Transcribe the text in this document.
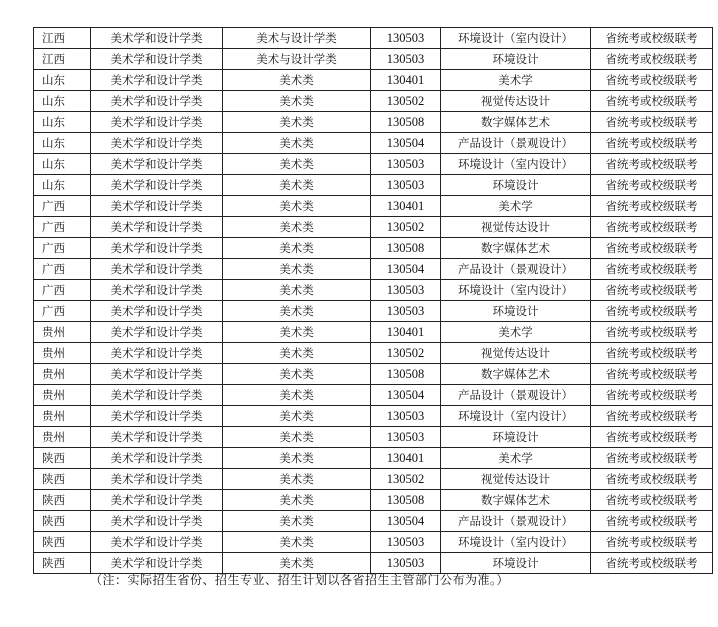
江西	美术学和设计学类	美术与设计学类	130503	环境设计（室内设计）	省统考或校级联考
江西	美术学和设计学类	美术与设计学类	130503	环境设计	省统考或校级联考
山东	美术学和设计学类	美术类	130401	美术学	省统考或校级联考
山东	美术学和设计学类	美术类	130502	视觉传达设计	省统考或校级联考
山东	美术学和设计学类	美术类	130508	数字媒体艺术	省统考或校级联考
山东	美术学和设计学类	美术类	130504	产品设计（景观设计）	省统考或校级联考
山东	美术学和设计学类	美术类	130503	环境设计（室内设计）	省统考或校级联考
山东	美术学和设计学类	美术类	130503	环境设计	省统考或校级联考
广西	美术学和设计学类	美术类	130401	美术学	省统考或校级联考
广西	美术学和设计学类	美术类	130502	视觉传达设计	省统考或校级联考
广西	美术学和设计学类	美术类	130508	数字媒体艺术	省统考或校级联考
广西	美术学和设计学类	美术类	130504	产品设计（景观设计）	省统考或校级联考
广西	美术学和设计学类	美术类	130503	环境设计（室内设计）	省统考或校级联考
广西	美术学和设计学类	美术类	130503	环境设计	省统考或校级联考
贵州	美术学和设计学类	美术类	130401	美术学	省统考或校级联考
贵州	美术学和设计学类	美术类	130502	视觉传达设计	省统考或校级联考
贵州	美术学和设计学类	美术类	130508	数字媒体艺术	省统考或校级联考
贵州	美术学和设计学类	美术类	130504	产品设计（景观设计）	省统考或校级联考
贵州	美术学和设计学类	美术类	130503	环境设计（室内设计）	省统考或校级联考
贵州	美术学和设计学类	美术类	130503	环境设计	省统考或校级联考
陕西	美术学和设计学类	美术类	130401	美术学	省统考或校级联考
陕西	美术学和设计学类	美术类	130502	视觉传达设计	省统考或校级联考
陕西	美术学和设计学类	美术类	130508	数字媒体艺术	省统考或校级联考
陕西	美术学和设计学类	美术类	130504	产品设计（景观设计）	省统考或校级联考
陕西	美术学和设计学类	美术类	130503	环境设计（室内设计）	省统考或校级联考
陕西	美术学和设计学类	美术类	130503	环境设计	省统考或校级联考
（注：实际招生省份、招生专业、招生计划以各省招生主管部门公布为准。）
